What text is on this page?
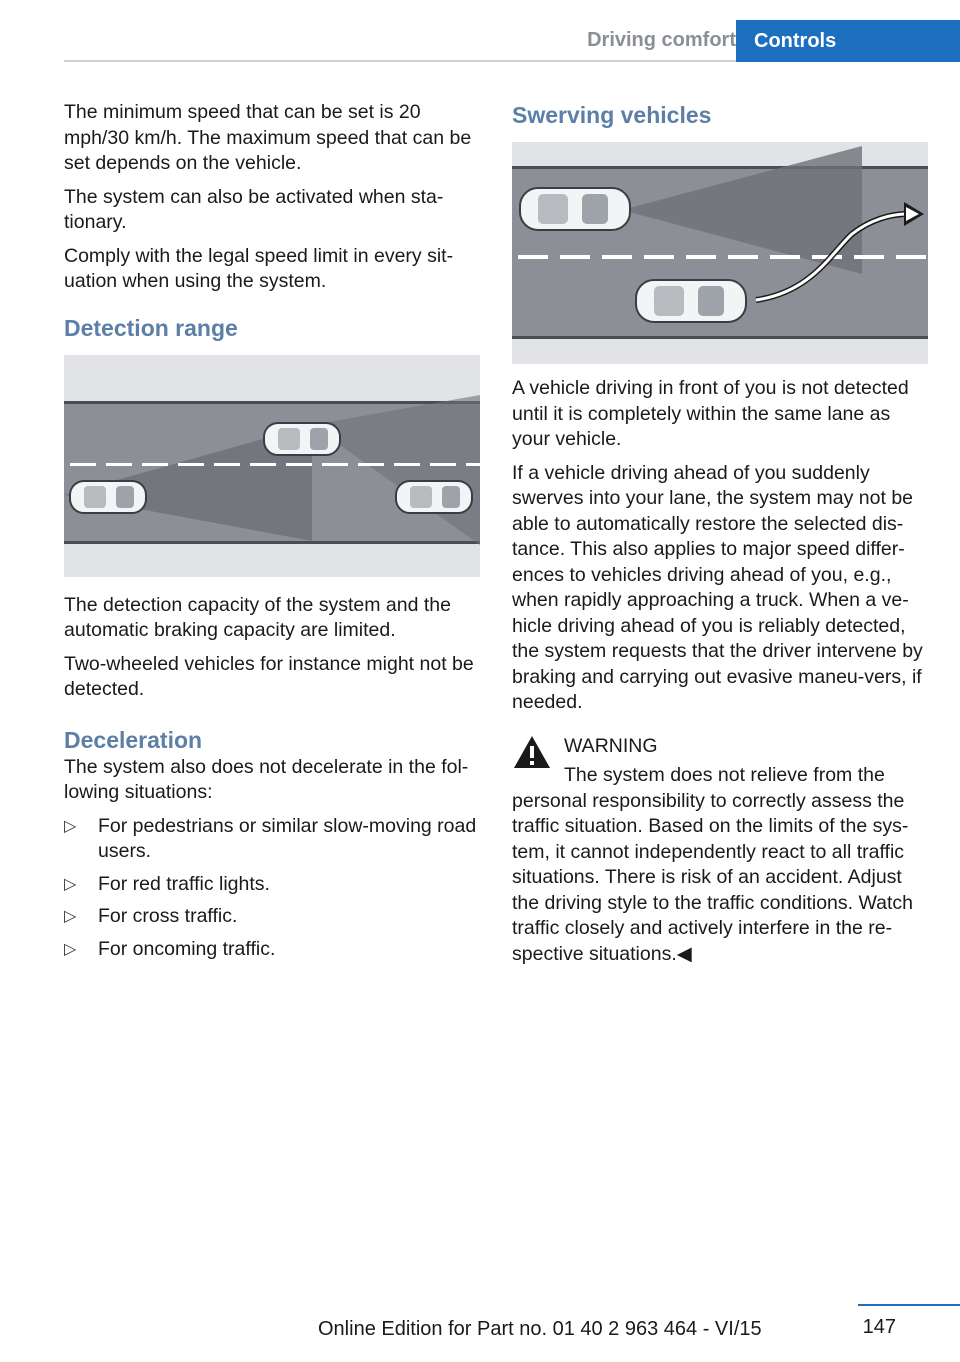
Driving comfort Controls

The minimum speed that can be set is 20 mph/30 km/h. The maximum speed that can be set depends on the vehicle.

The system can also be activated when sta‐tionary.

Comply with the legal speed limit in every sit‐uation when using the system.

Detection range

The detection capacity of the system and the automatic braking capacity are limited.

Two-wheeled vehicles for instance might not be detected.

Deceleration

The system also does not decelerate in the fol‐lowing situations:

▷ For pedestrians or similar slow-moving road users.
▷ For red traffic lights.
▷ For cross traffic.
▷ For oncoming traffic.
Swerving vehicles

A vehicle driving in front of you is not detected until it is completely within the same lane as your vehicle.

If a vehicle driving ahead of you suddenly swerves into your lane, the system may not be able to automatically restore the selected dis‐tance. This also applies to major speed differ‐ences to vehicles driving ahead of you, e.g., when rapidly approaching a truck. When a ve‐hicle driving ahead of you is reliably detected, the system requests that the driver intervene by braking and carrying out evasive maneu‐vers, if needed.

WARNING

The system does not relieve from the personal responsibility to correctly assess the traffic situation. Based on the limits of the sys‐tem, it cannot independently react to all traffic situations. There is risk of an accident. Adjust the driving style to the traffic conditions. Watch traffic closely and actively interfere in the re‐spective situations.◀

147
Online Edition for Part no. 01 40 2 963 464 - VI/15
